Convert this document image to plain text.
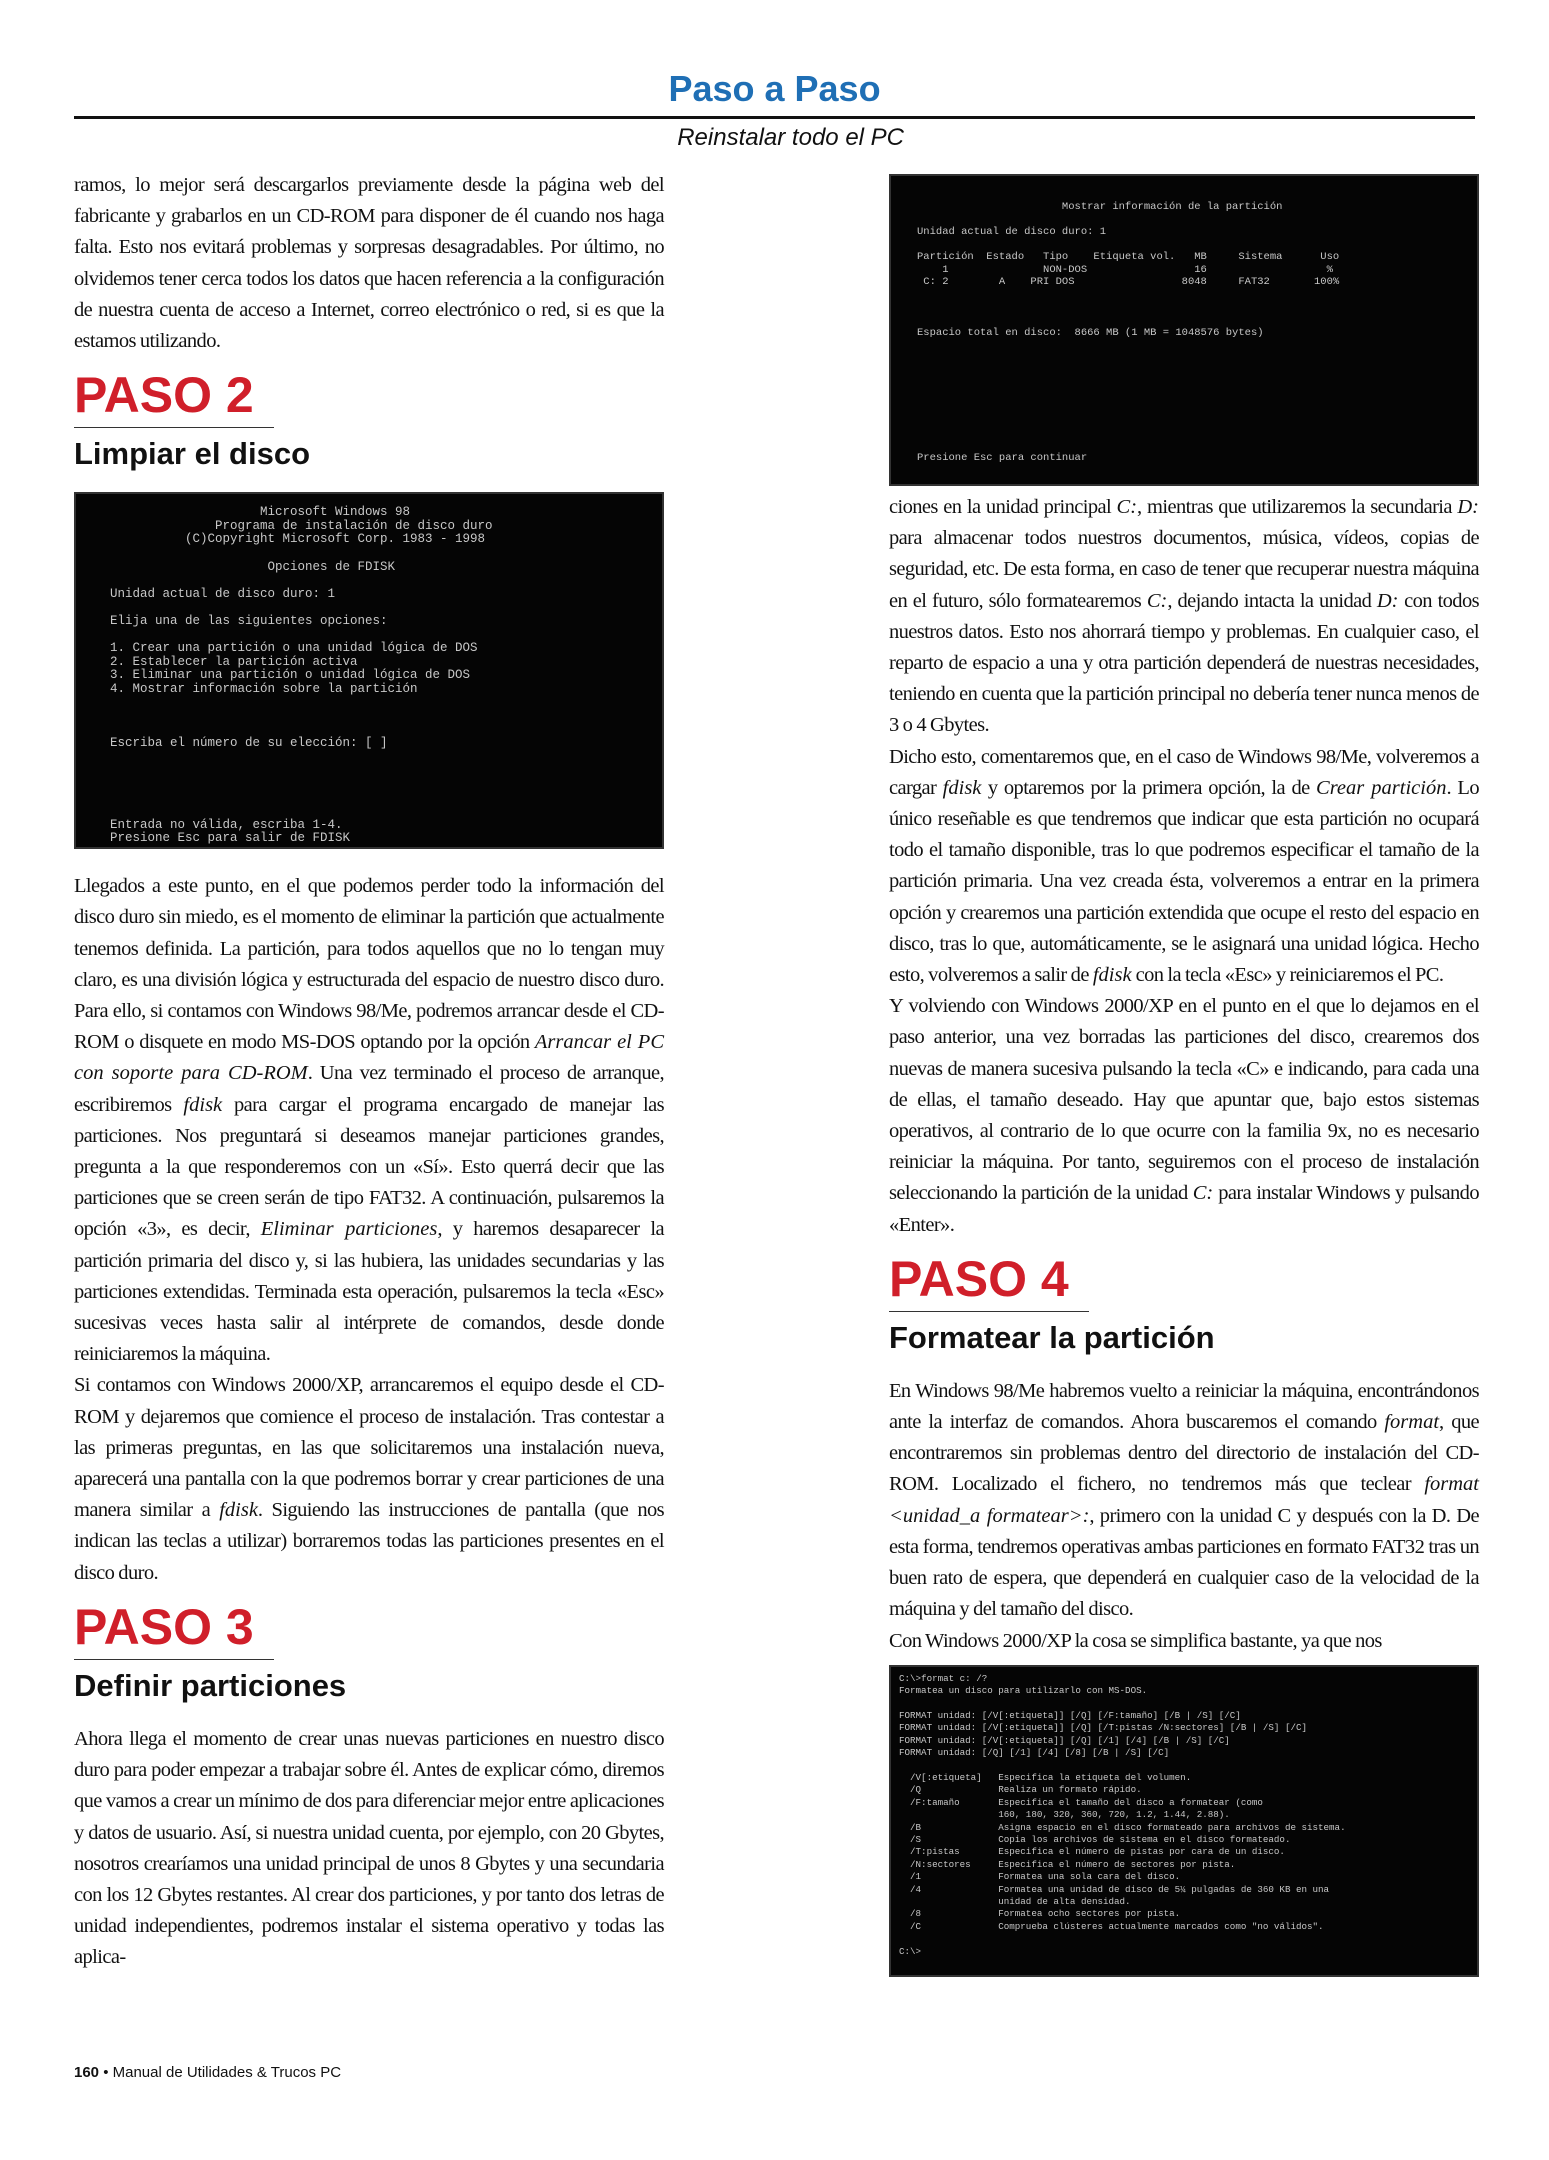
Paso a Paso
Reinstalar todo el PC

ramos, lo mejor será descargarlos previamente desde la página web del fabricante y grabarlos en un CD-ROM para disponer de él cuando nos haga falta. Esto nos evitará problemas y sorpresas desagradables. Por último, no olvidemos tener cerca todos los datos que hacen referencia a la configuración de nuestra cuenta de acceso a Internet, correo electrónico o red, si es que la estamos utilizando.

PASO 2
Limpiar el disco
Microsoft Windows 98
Programa de instalación de disco duro
(C)Copyright Microsoft Corp. 1983 - 1998

Opciones de FDISK

Unidad actual de disco duro: 1

Elija una de las siguientes opciones:

1. Crear una partición o una unidad lógica de DOS
2. Establecer la partición activa
3. Eliminar una partición o unidad lógica de DOS
4. Mostrar información sobre la partición

Escriba el número de su elección: [ ]

Entrada no válida, escriba 1-4.
Presione Esc para salir de FDISK

Llegados a este punto, en el que podemos perder todo la información del disco duro sin miedo, es el momento de eliminar la partición que actualmente tenemos definida. La partición, para todos aquellos que no lo tengan muy claro, es una división lógica y estructurada del espacio de nuestro disco duro. Para ello, si contamos con Windows 98/Me, podremos arrancar desde el CD-ROM o disquete en modo MS-DOS optando por la opción Arrancar el PC con soporte para CD-ROM. Una vez terminado el proceso de arranque, escribiremos fdisk para cargar el programa encargado de manejar las particiones. Nos preguntará si deseamos manejar particiones grandes, pregunta a la que responderemos con un «Sí». Esto querrá decir que las particiones que se creen serán de tipo FAT32. A continuación, pulsaremos la opción «3», es decir, Eliminar particiones, y haremos desaparecer la partición primaria del disco y, si las hubiera, las unidades secundarias y las particiones extendidas. Terminada esta operación, pulsaremos la tecla «Esc» sucesivas veces hasta salir al intérprete de comandos, desde donde reiniciaremos la máquina.

Si contamos con Windows 2000/XP, arrancaremos el equipo desde el CD-ROM y dejaremos que comience el proceso de instalación. Tras contestar a las primeras preguntas, en las que solicitaremos una instalación nueva, aparecerá una pantalla con la que podremos borrar y crear particiones de una manera similar a fdisk. Siguiendo las instrucciones de pantalla (que nos indican las teclas a utilizar) borraremos todas las particiones presentes en el disco duro.

PASO 3
Definir particiones

Ahora llega el momento de crear unas nuevas particiones en nuestro disco duro para poder empezar a trabajar sobre él. Antes de explicar cómo, diremos que vamos a crear un mínimo de dos para diferenciar mejor entre aplicaciones y datos de usuario. Así, si nuestra unidad cuenta, por ejemplo, con 20 Gbytes, nosotros crearíamos una unidad principal de unos 8 Gbytes y una secundaria con los 12 Gbytes restantes. Al crear dos particiones, y por tanto dos letras de unidad independientes, podremos instalar el sistema operativo y todas las aplica-

Mostrar información de la partición

Unidad actual de disco duro: 1

Partición  Estado   Tipo    Etiqueta vol.   MB     Sistema      Uso
1               NON-DOS                 16                   %
C: 2        A    PRI DOS                 8048     FAT32       100%

Espacio total en disco:  8666 MB (1 MB = 1048576 bytes)

Presione Esc para continuar

ciones en la unidad principal C:, mientras que utilizaremos la secundaria D: para almacenar todos nuestros documentos, música, vídeos, copias de seguridad, etc. De esta forma, en caso de tener que recuperar nuestra máquina en el futuro, sólo formatearemos C:, dejando intacta la unidad D: con todos nuestros datos. Esto nos ahorrará tiempo y problemas. En cualquier caso, el reparto de espacio a una y otra partición dependerá de nuestras necesidades, teniendo en cuenta que la partición principal no debería tener nunca menos de 3 o 4 Gbytes.

Dicho esto, comentaremos que, en el caso de Windows 98/Me, volveremos a cargar fdisk y optaremos por la primera opción, la de Crear partición. Lo único reseñable es que tendremos que indicar que esta partición no ocupará todo el tamaño disponible, tras lo que podremos especificar el tamaño de la partición primaria. Una vez creada ésta, volveremos a entrar en la primera opción y crearemos una partición extendida que ocupe el resto del espacio en disco, tras lo que, automáticamente, se le asignará una unidad lógica. Hecho esto, volveremos a salir de fdisk con la tecla «Esc» y reiniciaremos el PC.

Y volviendo con Windows 2000/XP en el punto en el que lo dejamos en el paso anterior, una vez borradas las particiones del disco, crearemos dos nuevas de manera sucesiva pulsando la tecla «C» e indicando, para cada una de ellas, el tamaño deseado. Hay que apuntar que, bajo estos sistemas operativos, al contrario de lo que ocurre con la familia 9x, no es necesario reiniciar la máquina. Por tanto, seguiremos con el proceso de instalación seleccionando la partición de la unidad C: para instalar Windows y pulsando «Enter».

PASO 4
Formatear la partición

En Windows 98/Me habremos vuelto a reiniciar la máquina, encontrándonos ante la interfaz de comandos. Ahora buscaremos el comando format, que encontraremos sin problemas dentro del directorio de instalación del CD-ROM. Localizado el fichero, no tendremos más que teclear format <unidad_a formatear>:, primero con la unidad C y después con la D. De esta forma, tendremos operativas ambas particiones en formato FAT32 tras un buen rato de espera, que dependerá en cualquier caso de la velocidad de la máquina y del tamaño del disco.

Con Windows 2000/XP la cosa se simplifica bastante, ya que nos

C:\>format c: /?
Formatea un disco para utilizarlo con MS-DOS.

FORMAT unidad: [/V[:etiqueta]] [/Q] [/F:tamaño] [/B | /S] [/C]
FORMAT unidad: [/V[:etiqueta]] [/Q] [/T:pistas /N:sectores] [/B | /S] [/C]
FORMAT unidad: [/V[:etiqueta]] [/Q] [/1] [/4] [/B | /S] [/C]
FORMAT unidad: [/Q] [/1] [/4] [/8] [/B | /S] [/C]

/V[:etiqueta]   Especifica la etiqueta del volumen.
/Q              Realiza un formato rápido.
/F:tamaño       Especifica el tamaño del disco a formatear (como
160, 180, 320, 360, 720, 1.2, 1.44, 2.88).
/B              Asigna espacio en el disco formateado para archivos de sistema.
/S              Copia los archivos de sistema en el disco formateado.
/T:pistas       Especifica el número de pistas por cara de un disco.
/N:sectores     Especifica el número de sectores por pista.
/1              Formatea una sola cara del disco.
/4              Formatea una unidad de disco de 5¼ pulgadas de 360 KB en una
unidad de alta densidad.
/8              Formatea ocho sectores por pista.
/C              Comprueba clústeres actualmente marcados como "no válidos".

C:\>
160 • Manual de Utilidades & Trucos PC
